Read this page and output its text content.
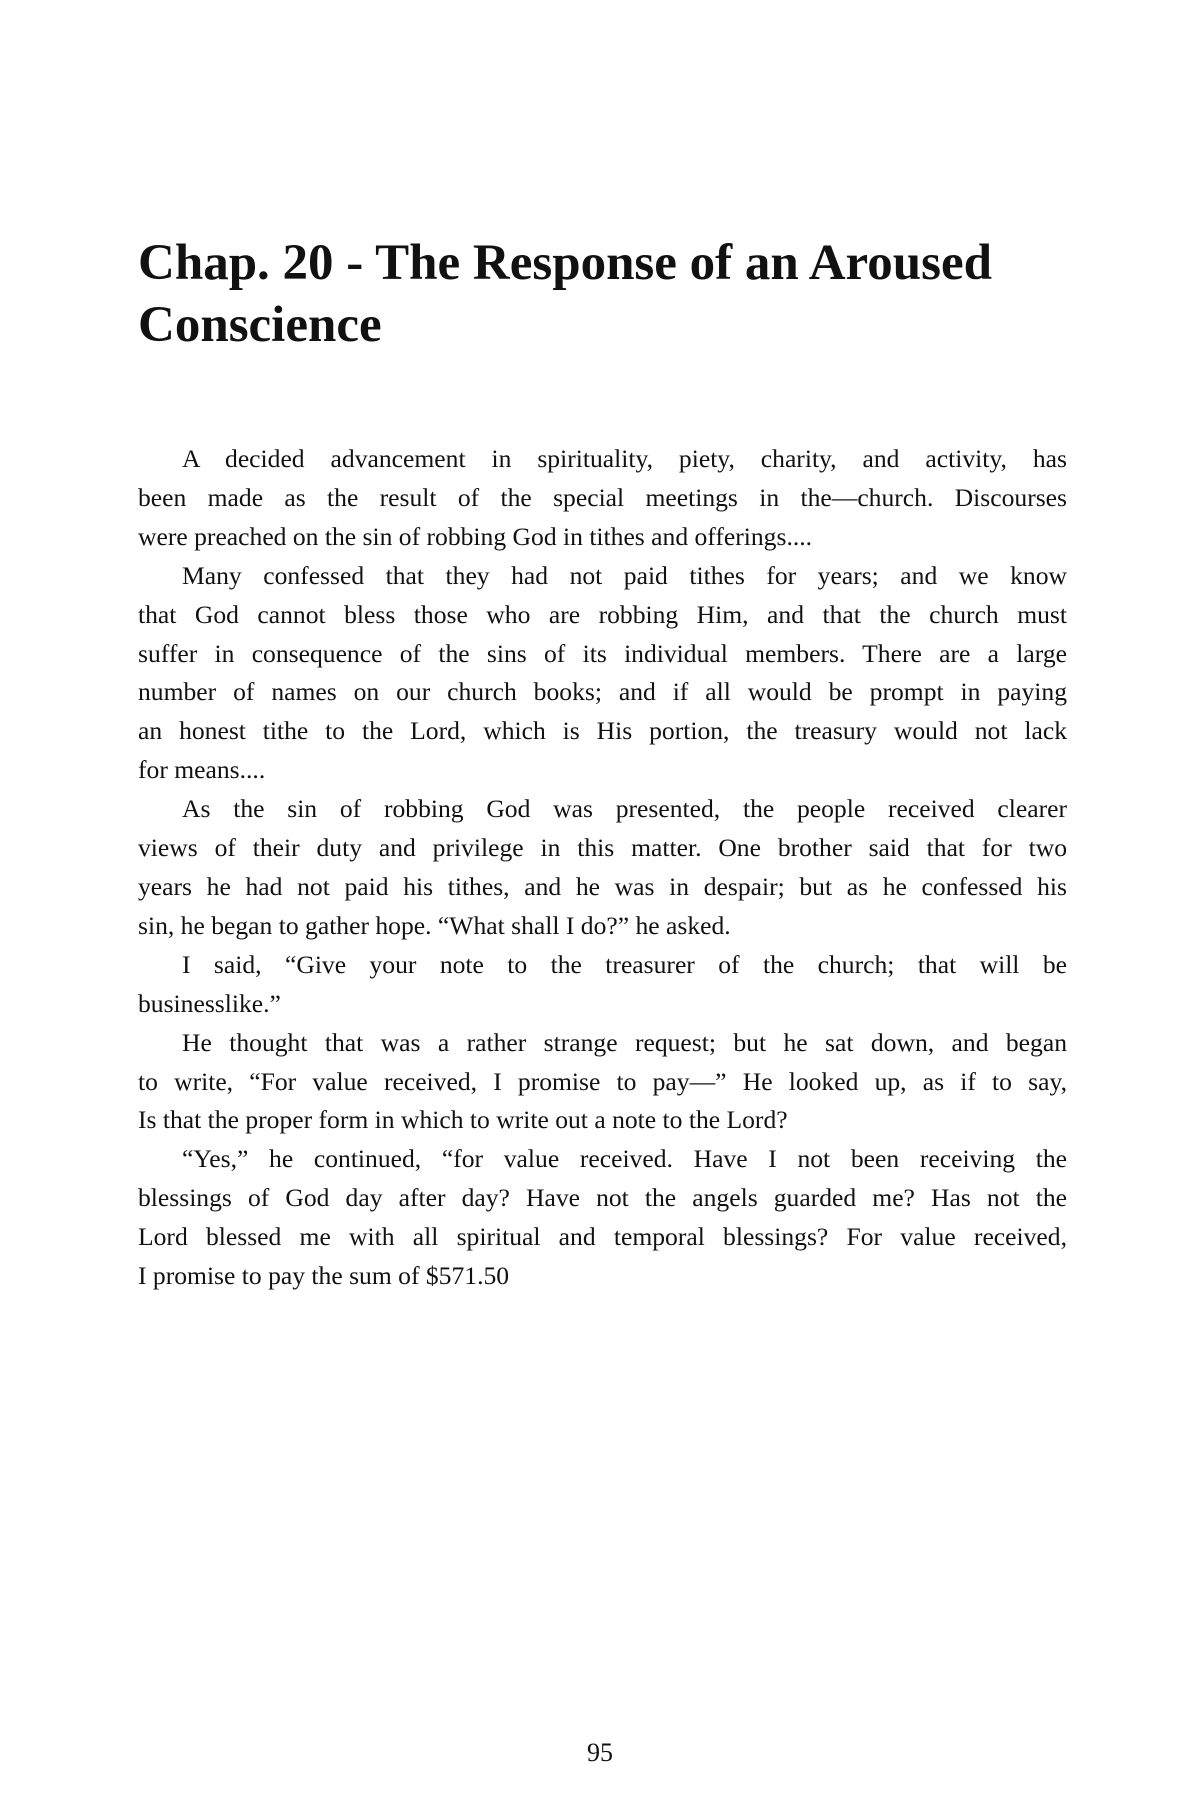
Chap. 20 - The Response of an Aroused
Conscience
A decided advancement in spirituality, piety, charity, and activity, has
been made as the result of the special meetings in the—church. Discourses
were preached on the sin of robbing God in tithes and offerings....
Many confessed that they had not paid tithes for years; and we know
that God cannot bless those who are robbing Him, and that the church must
suffer in consequence of the sins of its individual members. There are a large
number of names on our church books; and if all would be prompt in paying
an honest tithe to the Lord, which is His portion, the treasury would not lack
for means....
As the sin of robbing God was presented, the people received clearer
views of their duty and privilege in this matter. One brother said that for two
years he had not paid his tithes, and he was in despair; but as he confessed his
sin, he began to gather hope. “What shall I do?” he asked.
I said, “Give your note to the treasurer of the church; that will be
businesslike.”
He thought that was a rather strange request; but he sat down, and began
to write, “For value received, I promise to pay—” He looked up, as if to say,
Is that the proper form in which to write out a note to the Lord?
“Yes,” he continued, “for value received. Have I not been receiving the
blessings of God day after day? Have not the angels guarded me? Has not the
Lord blessed me with all spiritual and temporal blessings? For value received,
I promise to pay the sum of $571.50
95
